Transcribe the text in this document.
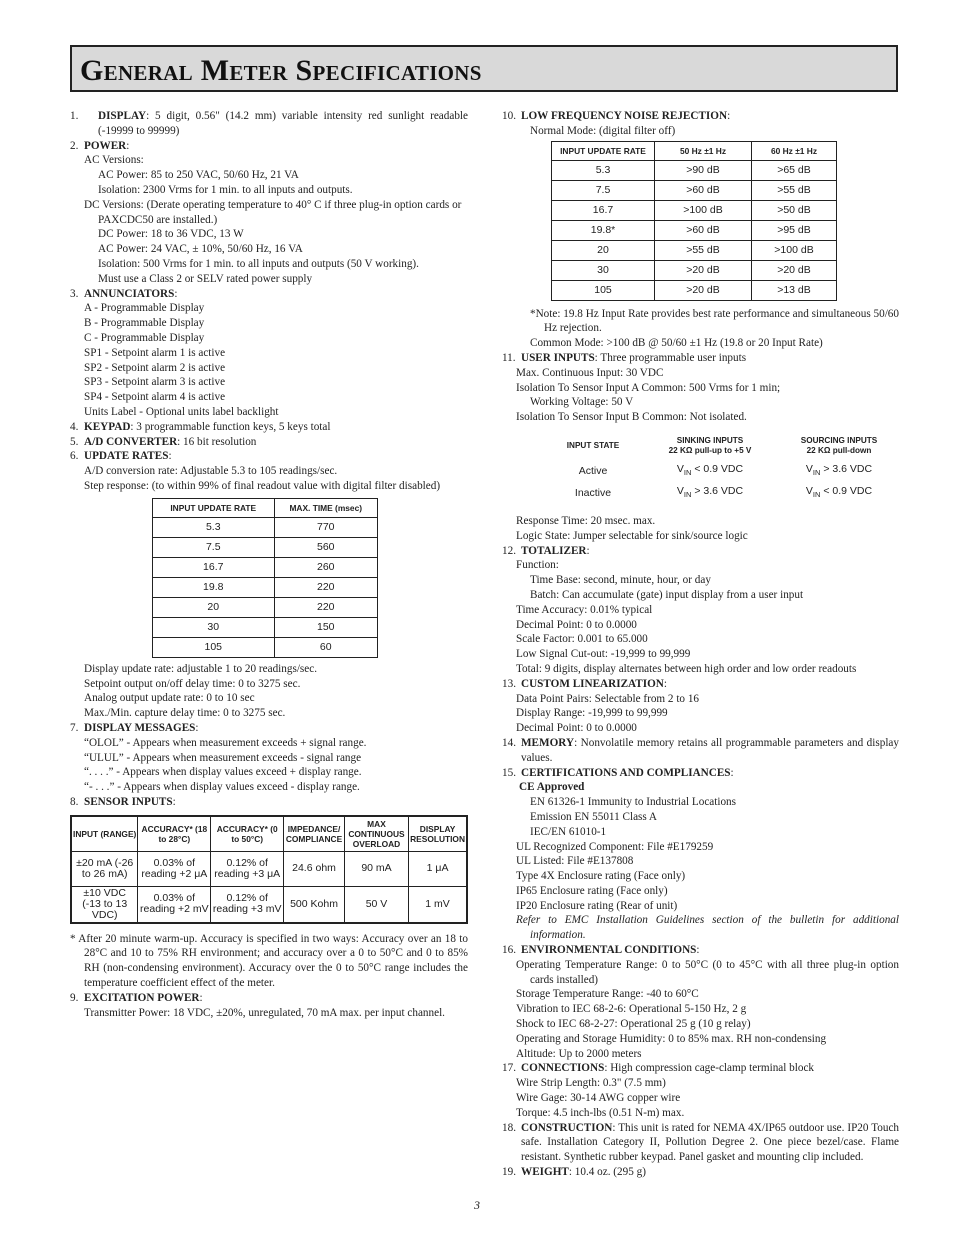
General Meter Specifications

1. DISPLAY: 5 digit, 0.56" (14.2 mm) variable intensity red sunlight readable (-19999 to 99999)

2. POWER:

AC Versions:

AC Power: 85 to 250 VAC, 50/60 Hz, 21 VA

Isolation: 2300 Vrms for 1 min. to all inputs and outputs.

DC Versions: (Derate operating temperature to 40° C if three plug-in option cards or PAXCDC50 are installed.)

DC Power: 18 to 36 VDC, 13 W

AC Power: 24 VAC, ± 10%, 50/60 Hz, 16 VA

Isolation: 500 Vrms for 1 min. to all inputs and outputs (50 V working).

Must use a Class 2 or SELV rated power supply

3. ANNUNCIATORS:

A - Programmable Display

B - Programmable Display

C - Programmable Display

SP1 - Setpoint alarm 1 is active

SP2 - Setpoint alarm 2 is active

SP3 - Setpoint alarm 3 is active

SP4 - Setpoint alarm 4 is active

Units Label - Optional units label backlight

4. KEYPAD: 3 programmable function keys, 5 keys total

5. A/D CONVERTER: 16 bit resolution

6. UPDATE RATES:

A/D conversion rate: Adjustable 5.3 to 105 readings/sec.

Step response: (to within 99% of final readout value with digital filter disabled)

INPUT UPDATE RATE	MAX. TIME (msec)
5.3	770
7.5	560
16.7	260
19.8	220
20	220
30	150
105	60

Display update rate: adjustable 1 to 20 readings/sec.

Setpoint output on/off delay time: 0 to 3275 sec.

Analog output update rate: 0 to 10 sec

Max./Min. capture delay time: 0 to 3275 sec.

7. DISPLAY MESSAGES:

“OLOL” - Appears when measurement exceeds + signal range.

“ULUL” - Appears when measurement exceeds - signal range

“. . . .” - Appears when display values exceed + display range.

“- . . .” - Appears when display values exceed - display range.

8. SENSOR INPUTS:

INPUT (RANGE)	ACCURACY* (18 to 28°C)	ACCURACY* (0 to 50°C)	IMPEDANCE/ COMPLIANCE	MAX CONTINUOUS OVERLOAD	DISPLAY RESOLUTION
±20 mA (-26 to 26 mA)	0.03% of reading +2 μA	0.12% of reading +3 μA	24.6 ohm	90 mA	1 μA
±10 VDC (-13 to 13 VDC)	0.03% of reading +2 mV	0.12% of reading +3 mV	500 Kohm	50 V	1 mV

* After 20 minute warm-up. Accuracy is specified in two ways: Accuracy over an 18 to 28°C and 10 to 75% RH environment; and accuracy over a 0 to 50°C and 0 to 85% RH (non-condensing environment). Accuracy over the 0 to 50°C range includes the temperature coefficient effect of the meter.

9. EXCITATION POWER:

Transmitter Power: 18 VDC, ±20%, unregulated, 70 mA max. per input channel.

10. LOW FREQUENCY NOISE REJECTION:

Normal Mode: (digital filter off)

INPUT UPDATE RATE	50 Hz ±1 Hz	60 Hz ±1 Hz
5.3	>90 dB	>65 dB
7.5	>60 dB	>55 dB
16.7	>100 dB	>50 dB
19.8*	>60 dB	>95 dB
20	>55 dB	>100 dB
30	>20 dB	>20 dB
105	>20 dB	>13 dB

*Note: 19.8 Hz Input Rate provides best rate performance and simultaneous 50/60 Hz rejection.

Common Mode: >100 dB @ 50/60 ±1 Hz (19.8 or 20 Input Rate)

11. USER INPUTS: Three programmable user inputs

Max. Continuous Input: 30 VDC

Isolation To Sensor Input A Common: 500 Vrms for 1 min;

Working Voltage: 50 V

Isolation To Sensor Input B Common: Not isolated.

INPUT STATE	SINKING INPUTS
22 KΩ pull-up to +5 V	SOURCING INPUTS
22 KΩ pull-down
Active	$V_{IN} < 0.9$ VDC	$V_{IN} > 3.6$ VDC
Inactive	$V_{IN} > 3.6$ VDC	$V_{IN} < 0.9$ VDC

Response Time: 20 msec. max.

Logic State: Jumper selectable for sink/source logic

12. TOTALIZER:

Function:

Time Base: second, minute, hour, or day

Batch: Can accumulate (gate) input display from a user input

Time Accuracy: 0.01% typical

Decimal Point: 0 to 0.0000

Scale Factor: 0.001 to 65.000

Low Signal Cut-out: -19,999 to 99,999

Total: 9 digits, display alternates between high order and low order readouts

13. CUSTOM LINEARIZATION:

Data Point Pairs: Selectable from 2 to 16

Display Range: -19,999 to 99,999

Decimal Point: 0 to 0.0000

14. MEMORY: Nonvolatile memory retains all programmable parameters and display values.

15. CERTIFICATIONS AND COMPLIANCES:

CE Approved

EN 61326-1 Immunity to Industrial Locations

Emission EN 55011 Class A

IEC/EN 61010-1

UL Recognized Component: File #E179259

UL Listed: File #E137808

Type 4X Enclosure rating (Face only)

IP65 Enclosure rating (Face only)

IP20 Enclosure rating (Rear of unit)

Refer to EMC Installation Guidelines section of the bulletin for additional information.

16. ENVIRONMENTAL CONDITIONS:

Operating Temperature Range: 0 to 50°C (0 to 45°C with all three plug-in option cards installed)

Storage Temperature Range: -40 to 60°C

Vibration to IEC 68-2-6: Operational 5-150 Hz, 2 g

Shock to IEC 68-2-27: Operational 25 g (10 g relay)

Operating and Storage Humidity: 0 to 85% max. RH non-condensing

Altitude: Up to 2000 meters

17. CONNECTIONS: High compression cage-clamp terminal block

Wire Strip Length: 0.3" (7.5 mm)

Wire Gage: 30-14 AWG copper wire

Torque: 4.5 inch-lbs (0.51 N-m) max.

18. CONSTRUCTION: This unit is rated for NEMA 4X/IP65 outdoor use. IP20 Touch safe. Installation Category II, Pollution Degree 2. One piece bezel/case. Flame resistant. Synthetic rubber keypad. Panel gasket and mounting clip included.

19. WEIGHT: 10.4 oz. (295 g)

3
